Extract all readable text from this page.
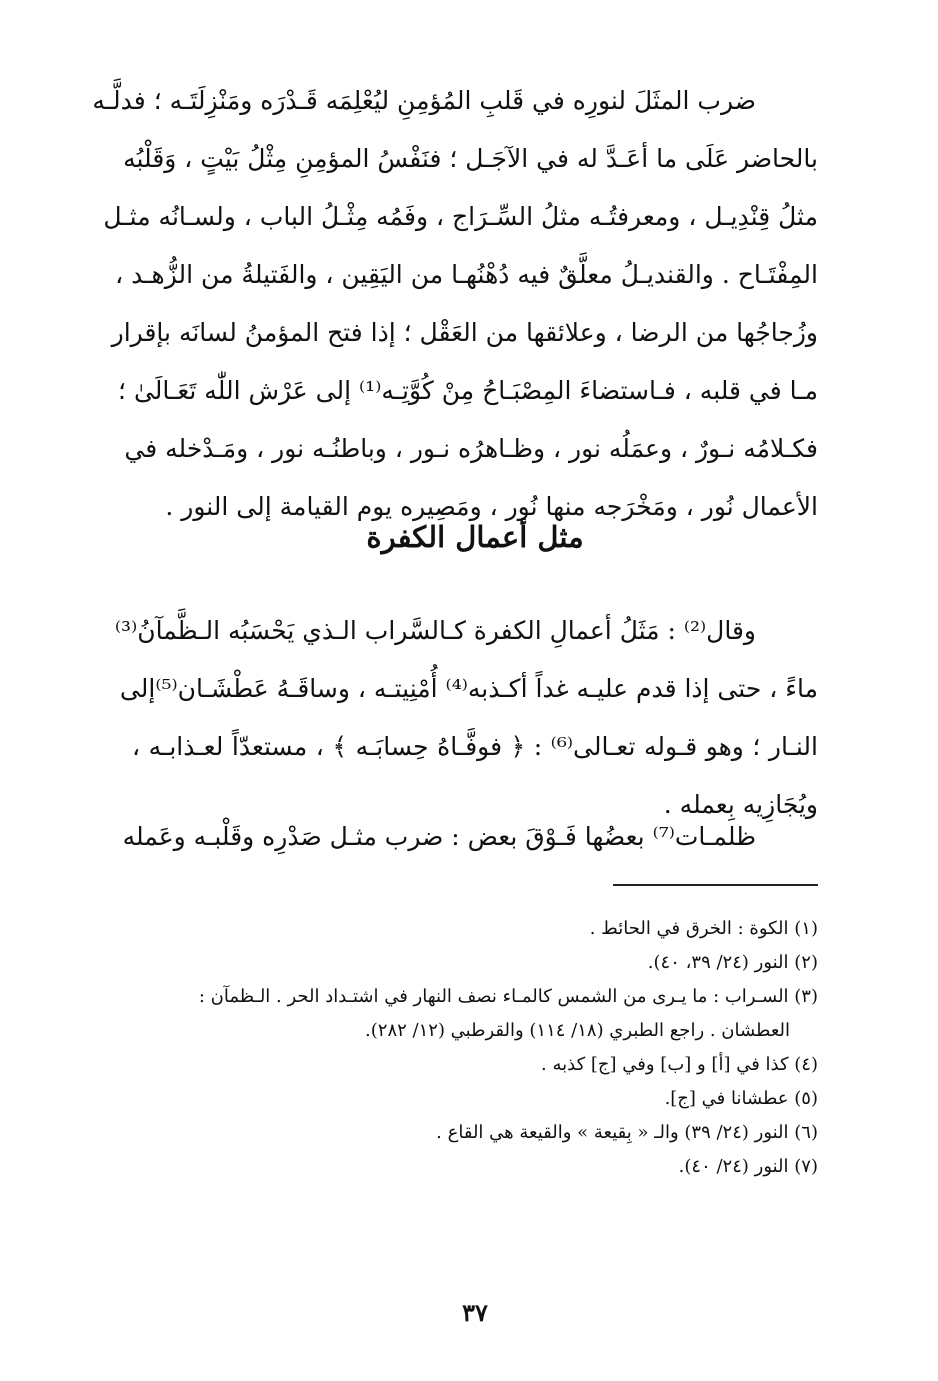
ضرب المثَلَ لنورِه في قَلبِ المُؤمِنِ ليُعْلِمَه قَـدْرَه ومَنْزِلَتَـه ؛ فدلَّـه
بالحاضر عَلَى ما أعَـدَّ له في الآجَـل ؛ فنَفْسُ المؤمِنِ مِثْلُ بَيْتٍ ، وَقَلْبُه
مثلُ قِنْدِيـل ، ومعرفتُـه مثلُ السِّـرَاج ، وفَمُه مِثْـلُ الباب ، ولسـانُه مثـل
المِفْتَـاح . والقنديـلُ معلَّقٌ فيه دُهْنُهـا من اليَقِين ، والفَتيلةُ من الزُّهـد ،
وزُجاجُها من الرضا ، وعلائقها من العَقْل ؛ إذا فتح المؤمنُ لسانَه بإقرار
مـا في قلبه ، فـاستضاءَ المِصْبَـاحُ مِنْ كُوَّتِـه⁽¹⁾ إلى عَرْش اللّٰه تَعَـالَىٰ ؛
فكـلامُه نـورٌ ، وعمَلُه نور ، وظـاهرُه نـور ، وباطنُـه نور ، ومَـدْخله في
الأعمال نُور ، ومَخْرَجه منها نُور ، ومَصِيره يوم القيامة إلى النور .
مثل أعمال الكفرة
وقال⁽²⁾ : مَثَلُ أعمالِ الكفرة كـالسَّراب الـذي يَحْسَبُه الـظَّمآنُ⁽³⁾
ماءً ، حتى إذا قدم عليـه غداً أكـذبه⁽⁴⁾ أُمْنِيتـه ، وساقَـهُ عَطْشَـان⁽⁵⁾إلى
النـار ؛ وهو قـوله تعـالى⁽⁶⁾ : ﴿ فوفَّـاهُ حِسابَـه ﴾ ، مستعدّاً لعـذابـه ،
ويُجَازِيه بِعمله .
ظلمـات⁽⁷⁾ بعضُها فَـوْقَ بعض : ضرب مثـل صَدْرِه وقَلْبـه وعَمله
(١) الكوة : الخرق في الحائط .
(٢) النور (٢٤/ ٣٩، ٤٠).
(٣) السـراب : ما يـرى من الشمس كالمـاء نصف النهار في اشتـداد الحر . الـظمآن :
العطشان . راجع الطبري (١٨/ ١١٤) والقرطبي (١٢/ ٢٨٢).
(٤) كذا في [أ] و [ب] وفي [ج] كذبه .
(٥) عطشانا في [ج].
(٦) النور (٢٤/ ٣٩) والـ « بِقيعة » والقيعة هي القاع .
(٧) النور (٢٤/ ٤٠).
٣٧
